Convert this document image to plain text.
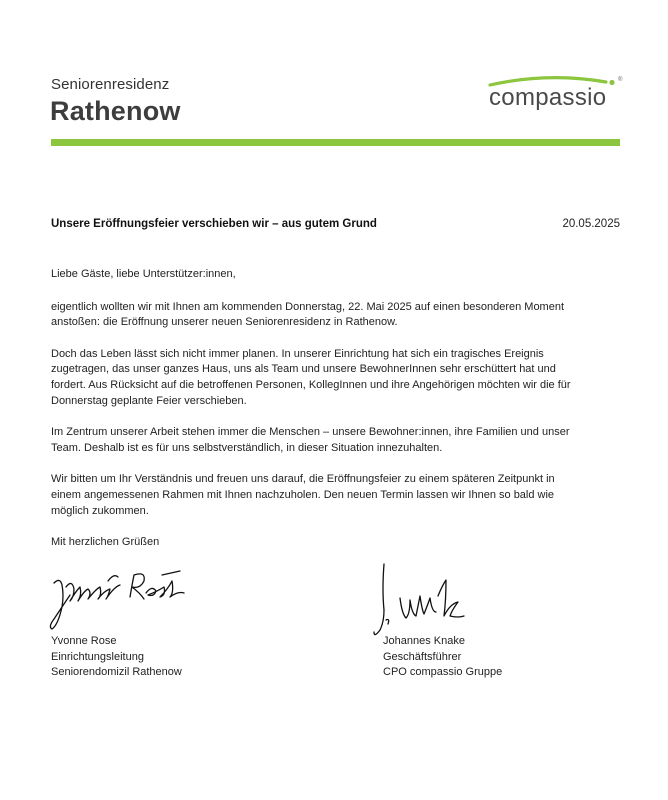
Seniorenresidenz
Rathenow
®
compassio
Unsere Eröffnungsfeier verschieben wir – aus gutem Grund	20.05.2025

Liebe Gäste, liebe Unterstützer:innen,

eigentlich wollten wir mit Ihnen am kommenden Donnerstag, 22. Mai 2025 auf einen besonderen Moment anstoßen: die Eröffnung unserer neuen Seniorenresidenz in Rathenow.

Doch das Leben lässt sich nicht immer planen. In unserer Einrichtung hat sich ein tragisches Ereignis zugetragen, das unser ganzes Haus, uns als Team und unsere BewohnerInnen sehr erschüttert hat und fordert. Aus Rücksicht auf die betroffenen Personen, KollegInnen und ihre Angehörigen möchten wir die für Donnerstag geplante Feier verschieben.

Im Zentrum unserer Arbeit stehen immer die Menschen – unsere Bewohner:innen, ihre Familien und unser Team. Deshalb ist es für uns selbstverständlich, in dieser Situation innezuhalten.

Wir bitten um Ihr Verständnis und freuen uns darauf, die Eröffnungsfeier zu einem späteren Zeitpunkt in einem angemessenen Rahmen mit Ihnen nachzuholen. Den neuen Termin lassen wir Ihnen so bald wie möglich zukommen.

Mit herzlichen Grüßen

Yvonne Rose
Einrichtungsleitung
Seniorendomizil Rathenow
Johannes Knake
Geschäftsführer
CPO compassio Gruppe
